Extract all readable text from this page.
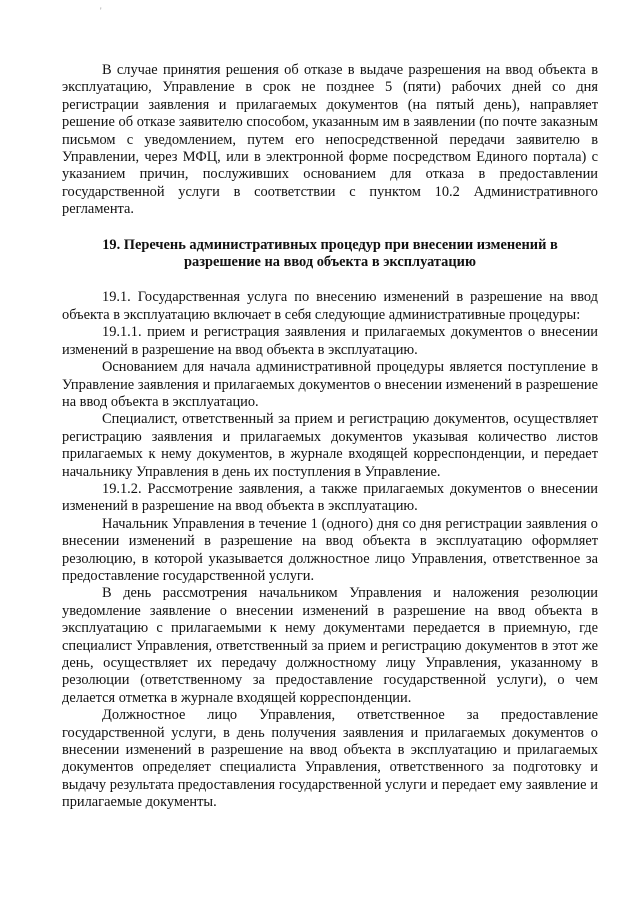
'

В случае принятия решения об отказе в выдаче разрешения на ввод объекта в эксплуатацию, Управление в срок не позднее 5 (пяти) рабочих дней со дня регистрации заявления и прилагаемых документов (на пятый день), направляет решение об отказе заявителю способом, указанным им в заявлении (по почте заказным письмом с уведомлением, путем его непосредственной передачи заявителю в Управлении, через МФЦ, или в электронной форме посредством Единого портала) с указанием причин, послуживших основанием для отказа в предоставлении государственной услуги в соответствии с пунктом 10.2 Административного регламента.

19. Перечень административных процедур при внесении изменений в разрешение на ввод объекта в эксплуатацию

19.1. Государственная услуга по внесению изменений в разрешение на ввод объекта в эксплуатацию включает в себя следующие административные процедуры:

19.1.1. прием и регистрация заявления и прилагаемых документов о внесении изменений в разрешение на ввод объекта в эксплуатацию.

Основанием для начала административной процедуры является поступление в Управление заявления и прилагаемых документов о внесении изменений в разрешение на ввод объекта в эксплуатацио.

Специалист, ответственный за прием и регистрацию документов, осуществляет регистрацию заявления и прилагаемых документов указывая количество листов прилагаемых к нему документов, в журнале входящей корреспонденции, и передает начальнику Управления в день их поступления в Управление.

19.1.2. Рассмотрение заявления, а также прилагаемых документов о внесении изменений в разрешение на ввод объекта в эксплуатацию.

Начальник Управления в течение 1 (одного) дня со дня регистрации заявления о внесении изменений в разрешение на ввод объекта в эксплуатацию оформляет резолюцию, в которой указывается должностное лицо Управления, ответственное за предоставление государственной услуги.

В день рассмотрения начальником Управления и наложения резолюции уведомление заявление о внесении изменений в разрешение на ввод объекта в эксплуатацию с прилагаемыми к нему документами передается в приемную, где специалист Управления, ответственный за прием и регистрацию документов в этот же день, осуществляет их передачу должностному лицу Управления, указанному в резолюции (ответственному за предоставление государственной услуги), о чем делается отметка в журнале входящей корреспонденции.

Должностное лицо Управления, ответственное за предоставление государственной услуги, в день получения заявления и прилагаемых документов о внесении изменений в разрешение на ввод объекта в эксплуатацию и прилагаемых документов определяет специалиста Управления, ответственного за подготовку и выдачу результата предоставления государственной услуги и передает ему заявление и прилагаемые документы.
